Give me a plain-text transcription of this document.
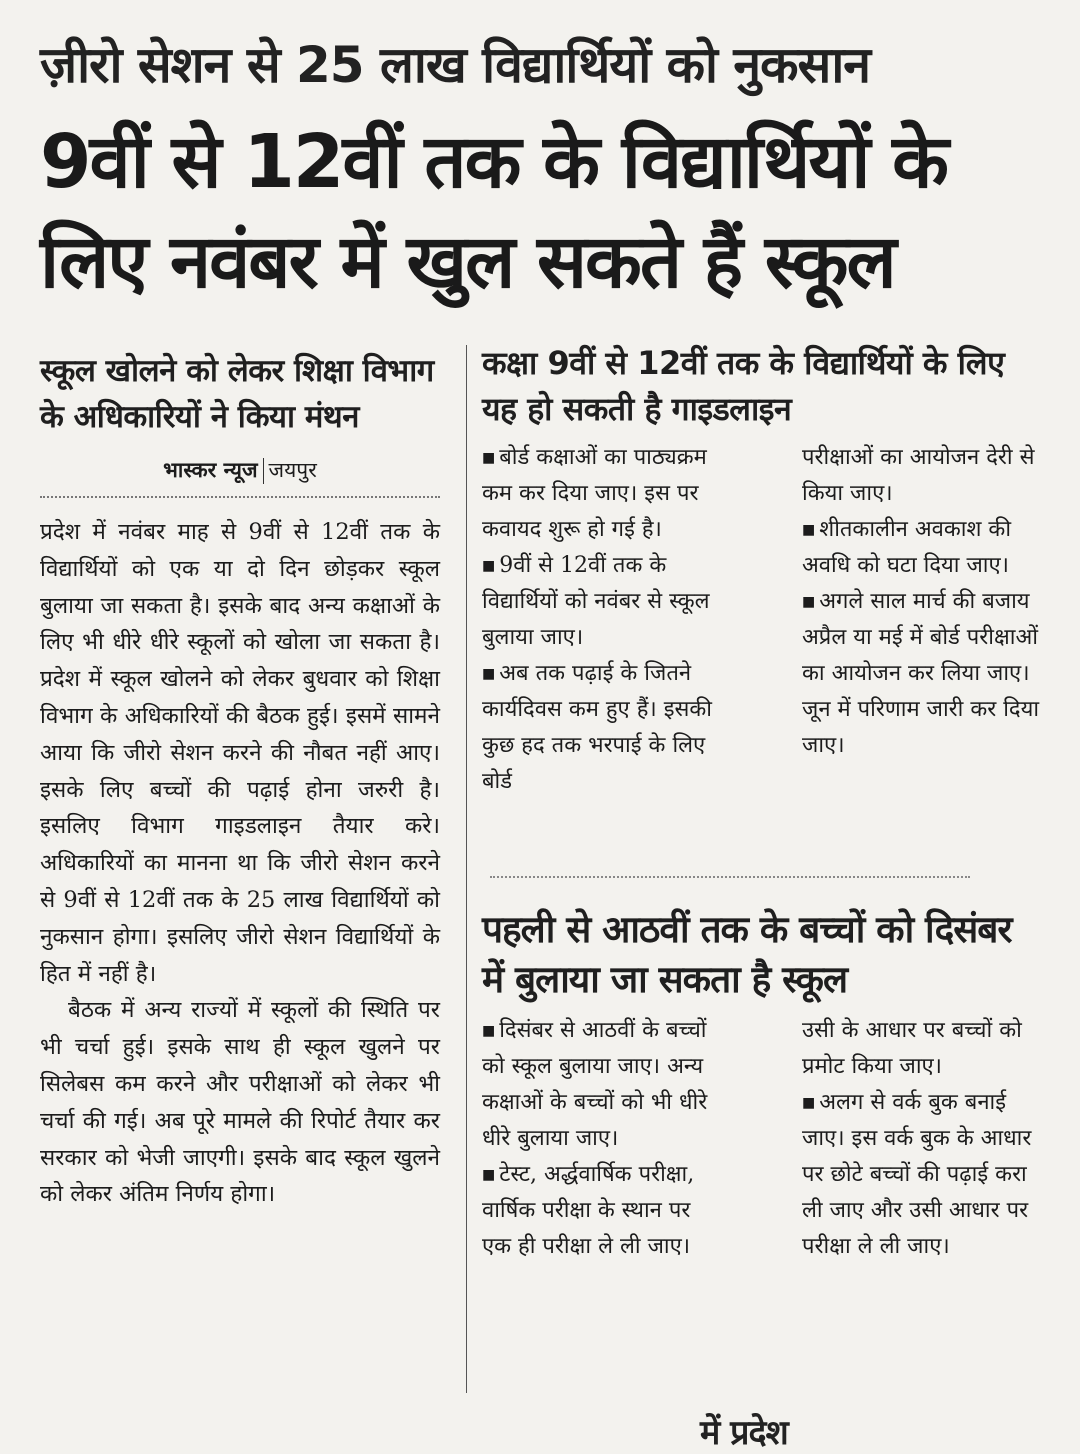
ज़ीरो सेशन से 25 लाख विद्यार्थियों को नुकसान
9वीं से 12वीं तक के विद्यार्थियों के लिए नवंबर में खुल सकते हैं स्कूल
स्कूल खोलने को लेकर शिक्षा विभाग के अधिकारियों ने किया मंथन
भास्कर न्यूज जयपुर

प्रदेश में नवंबर माह से 9वीं से 12वीं तक के विद्यार्थियों को एक या दो दिन छोड़कर स्कूल बुलाया जा सकता है। इसके बाद अन्य कक्षाओं के लिए भी धीरे धीरे स्कूलों को खोला जा सकता है। प्रदेश में स्कूल खोलने को लेकर बुधवार को शिक्षा विभाग के अधिकारियों की बैठक हुई। इसमें सामने आया कि जीरो सेशन करने की नौबत नहीं आए। इसके लिए बच्चों की पढ़ाई होना जरुरी है। इसलिए विभाग गाइडलाइन तैयार करे। अधिकारियों का मानना था कि जीरो सेशन करने से 9वीं से 12वीं तक के 25 लाख विद्यार्थियों को नुकसान होगा। इसलिए जीरो सेशन विद्यार्थियों के हित में नहीं है।

बैठक में अन्य राज्यों में स्कूलों की स्थिति पर भी चर्चा हुई। इसके साथ ही स्कूल खुलने पर सिलेबस कम करने और परीक्षाओं को लेकर भी चर्चा की गई। अब पूरे मामले की रिपोर्ट तैयार कर सरकार को भेजी जाएगी। इसके बाद स्कूल खुलने को लेकर अंतिम निर्णय होगा।

कक्षा 9वीं से 12वीं तक के विद्यार्थियों के लिए यह हो सकती है गाइडलाइन

■ बोर्ड कक्षाओं का पाठ्यक्रम कम कर दिया जाए। इस पर कवायद शुरू हो गई है।

■ 9वीं से 12वीं तक के विद्यार्थियों को नवंबर से स्कूल बुलाया जाए।

■ अब तक पढ़ाई के जितने कार्यदिवस कम हुए हैं। इसकी कुछ हद तक भरपाई के लिए बोर्ड

परीक्षाओं का आयोजन देरी से किया जाए।

■ शीतकालीन अवकाश की अवधि को घटा दिया जाए।

■ अगले साल मार्च की बजाय अप्रैल या मई में बोर्ड परीक्षाओं का आयोजन कर लिया जाए। जून में परिणाम जारी कर दिया जाए।

पहली से आठवीं तक के बच्चों को दिसंबर में बुलाया जा सकता है स्कूल

■ दिसंबर से आठवीं के बच्चों को स्कूल बुलाया जाए। अन्य कक्षाओं के बच्चों को भी धीरे धीरे बुलाया जाए।

■ टेस्ट, अर्द्धवार्षिक परीक्षा, वार्षिक परीक्षा के स्थान पर एक ही परीक्षा ले ली जाए।

उसी के आधार पर बच्चों को प्रमोट किया जाए।

■ अलग से वर्क बुक बनाई जाए। इस वर्क बुक के आधार पर छोटे बच्चों की पढ़ाई करा ली जाए और उसी आधार पर परीक्षा ले ली जाए।

में प्रदेश
